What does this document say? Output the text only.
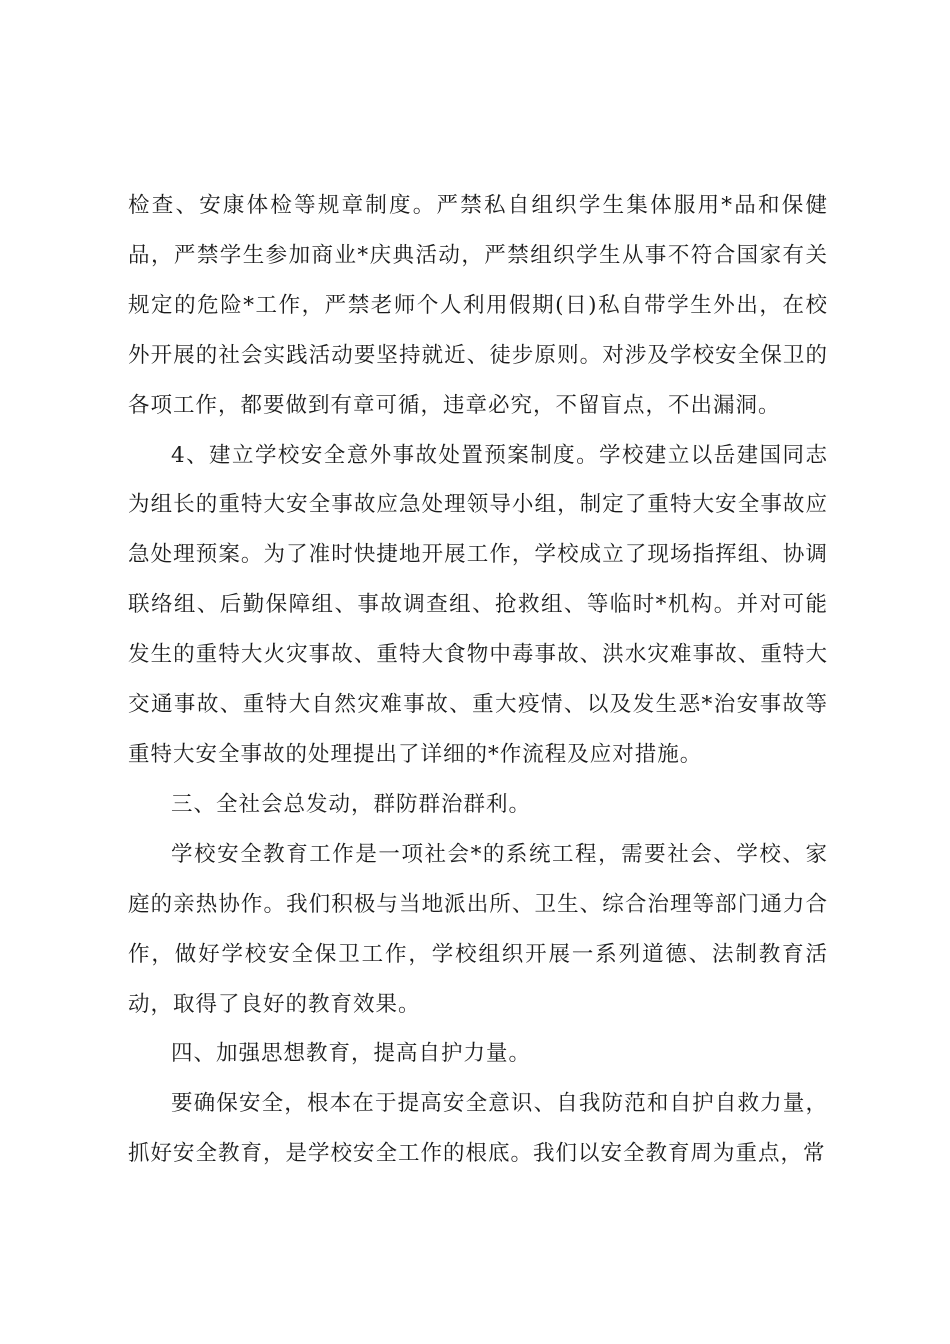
检查、安康体检等规章制度。严禁私自组织学生集体服用*品和保健品，严禁学生参加商业*庆典活动，严禁组织学生从事不符合国家有关规定的危险*工作，严禁老师个人利用假期(日)私自带学生外出，在校外开展的社会实践活动要坚持就近、徒步原则。对涉及学校安全保卫的各项工作，都要做到有章可循，违章必究，不留盲点，不出漏洞。

4、建立学校安全意外事故处置预案制度。学校建立以岳建国同志为组长的重特大安全事故应急处理领导小组，制定了重特大安全事故应急处理预案。为了准时快捷地开展工作，学校成立了现场指挥组、协调联络组、后勤保障组、事故调查组、抢救组、等临时*机构。并对可能发生的重特大火灾事故、重特大食物中毒事故、洪水灾难事故、重特大交通事故、重特大自然灾难事故、重大疫情、以及发生恶*治安事故等重特大安全事故的处理提出了详细的*作流程及应对措施。

三、全社会总发动，群防群治群利。

学校安全教育工作是一项社会*的系统工程，需要社会、学校、家庭的亲热协作。我们积极与当地派出所、卫生、综合治理等部门通力合作，做好学校安全保卫工作，学校组织开展一系列道德、法制教育活动，取得了良好的教育效果。

四、加强思想教育，提高自护力量。

要确保安全，根本在于提高安全意识、自我防范和自护自救力量，抓好安全教育，是学校安全工作的根底。我们以安全教育周为重点，常
